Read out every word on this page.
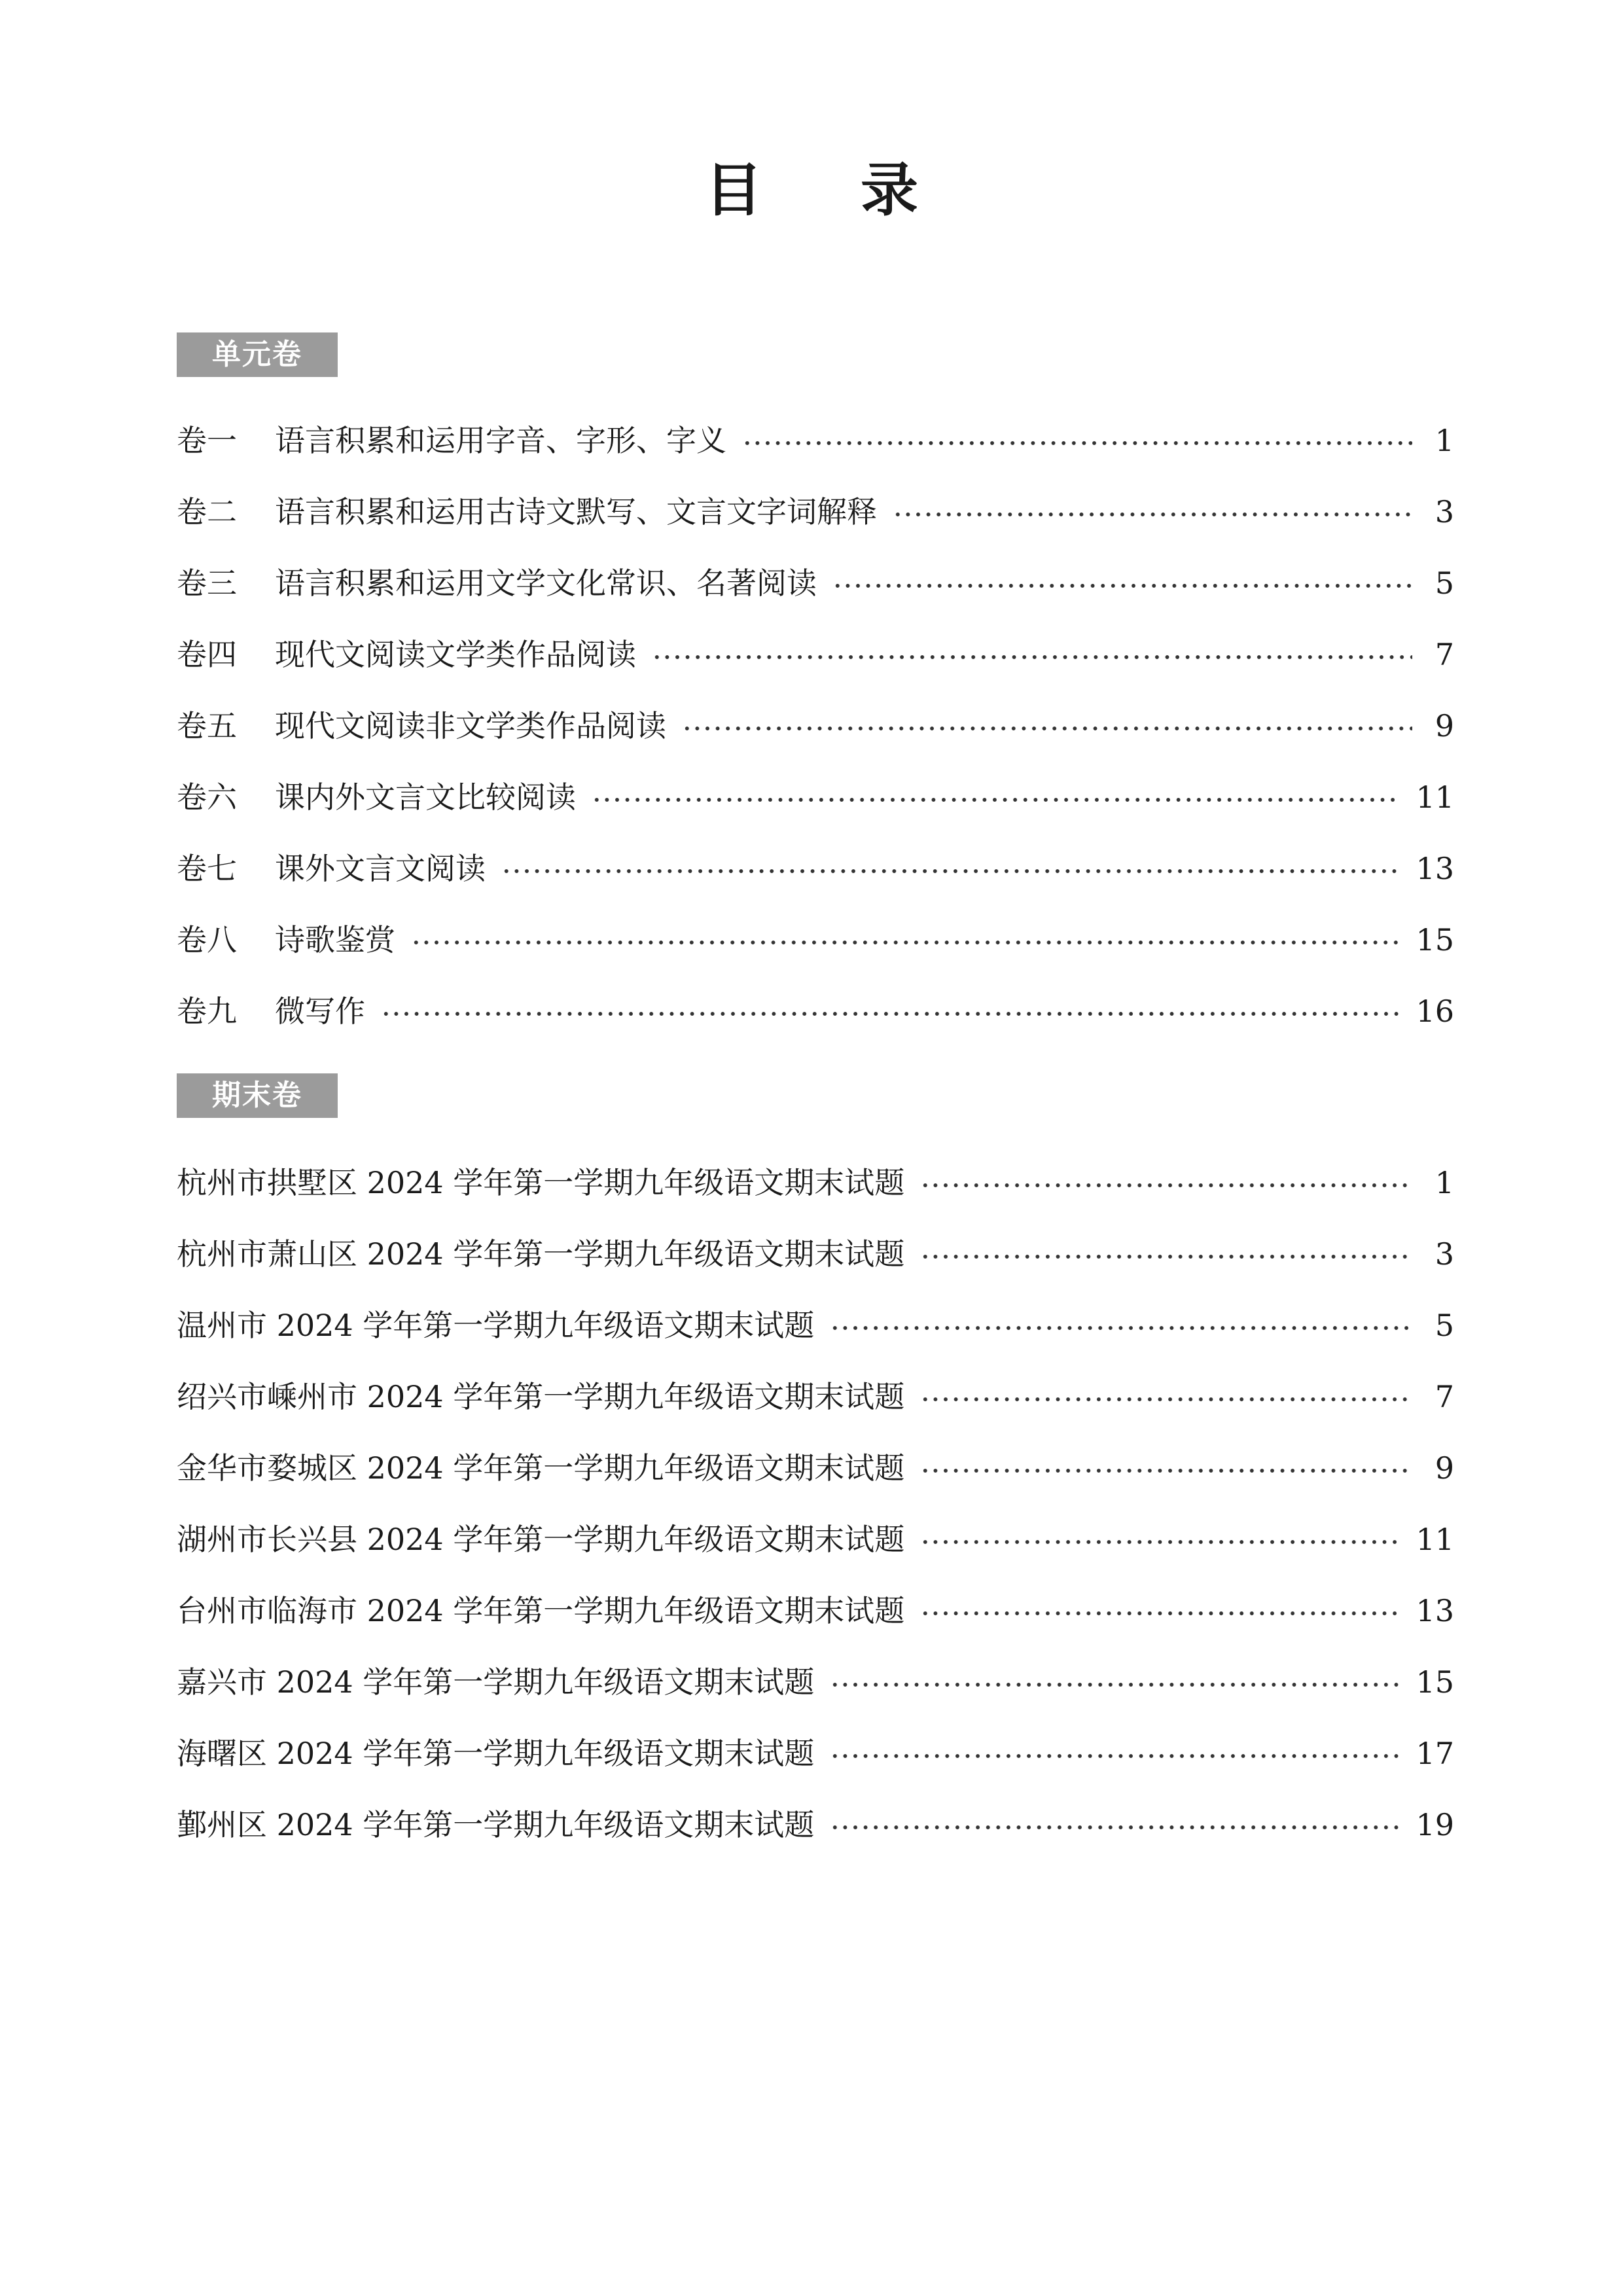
目 录
单元卷
卷一	语言积累和运用字音、字形、字义	1
卷二	语言积累和运用古诗文默写、文言文字词解释	3
卷三	语言积累和运用文学文化常识、名著阅读	5
卷四	现代文阅读文学类作品阅读	7
卷五	现代文阅读非文学类作品阅读	9
卷六	课内外文言文比较阅读	11
卷七	课外文言文阅读	13
卷八	诗歌鉴赏	15
卷九	微写作	16
期末卷
杭州市拱墅区 2024 学年第一学期九年级语文期末试题	1
杭州市萧山区 2024 学年第一学期九年级语文期末试题	3
温州市 2024 学年第一学期九年级语文期末试题	5
绍兴市嵊州市 2024 学年第一学期九年级语文期末试题	7
金华市婺城区 2024 学年第一学期九年级语文期末试题	9
湖州市长兴县 2024 学年第一学期九年级语文期末试题	11
台州市临海市 2024 学年第一学期九年级语文期末试题	13
嘉兴市 2024 学年第一学期九年级语文期末试题	15
海曙区 2024 学年第一学期九年级语文期末试题	17
鄞州区 2024 学年第一学期九年级语文期末试题	19
